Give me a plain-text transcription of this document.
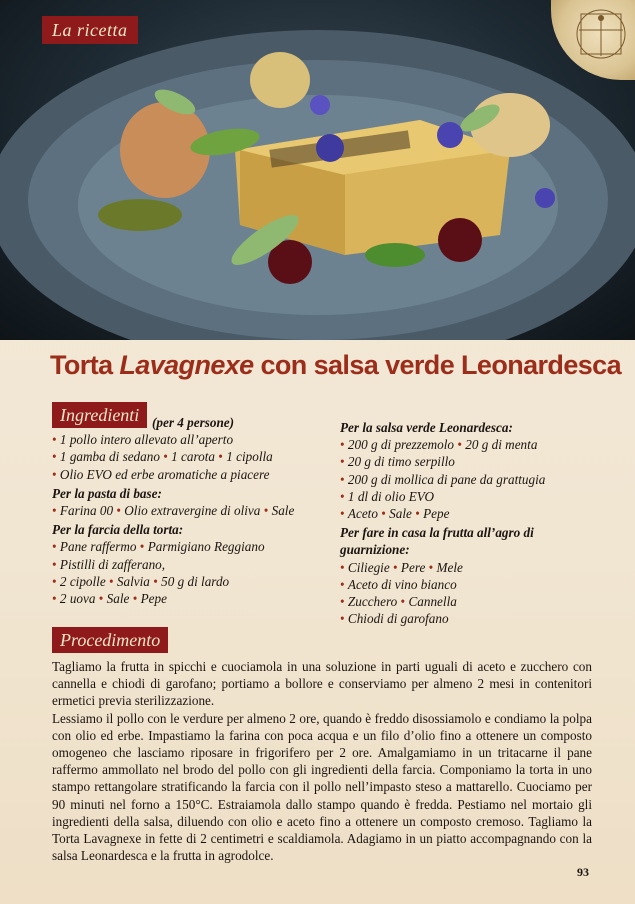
La ricetta
Torta Lavagnexe con salsa verde Leonardesca
Ingredienti (per 4 persone)

• 1 pollo intero allevato all’aperto

• 1 gamba di sedano • 1 carota • 1 cipolla

• Olio EVO ed erbe aromatiche a piacere

Per la pasta di base:

• Farina 00 • Olio extravergine di oliva • Sale

Per la farcia della torta:

• Pane raffermo • Parmigiano Reggiano

• Pistilli di zafferano,

• 2 cipolle • Salvia • 50 g di lardo

• 2 uova • Sale • Pepe

Per la salsa verde Leonardesca:

• 200 g di prezzemolo • 20 g di menta

• 20 g di timo serpillo

• 200 g di mollica di pane da grattugia

• 1 dl di olio EVO

• Aceto • Sale • Pepe

Per fare in casa la frutta all’agro di

guarnizione:

• Ciliegie • Pere • Mele

• Aceto di vino bianco

• Zucchero • Cannella

• Chiodi di garofano

Procedimento

Tagliamo la frutta in spicchi e cuociamola in una soluzione in parti uguali di aceto e zucchero con cannella e chiodi di garofano; portiamo a bollore e conserviamo per almeno 2 mesi in contenitori ermetici previa sterilizzazione.

Lessiamo il pollo con le verdure per almeno 2 ore, quando è freddo disossiamolo e condiamo la polpa con olio ed erbe. Impastiamo la farina con poca acqua e un filo d’olio fino a ottenere un composto omogeneo che lasciamo riposare in frigorifero per 2 ore. Amalgamiamo in un tritacarne il pane raffermo ammollato nel brodo del pollo con gli ingredienti della farcia. Componiamo la torta in uno stampo rettangolare stratificando la farcia con il pollo nell’impasto steso a mattarello. Cuociamo per 90 minuti nel forno a 150°C. Estraiamola dallo stampo quando è fredda. Pestiamo nel mortaio gli ingredienti della salsa, diluendo con olio e aceto fino a ottenere un composto cremoso. Tagliamo la Torta Lavagnexe in fette di 2 centimetri e scaldiamola. Adagiamo in un piatto accompagnando con la salsa Leonardesca e la frutta in agrodolce.

93
